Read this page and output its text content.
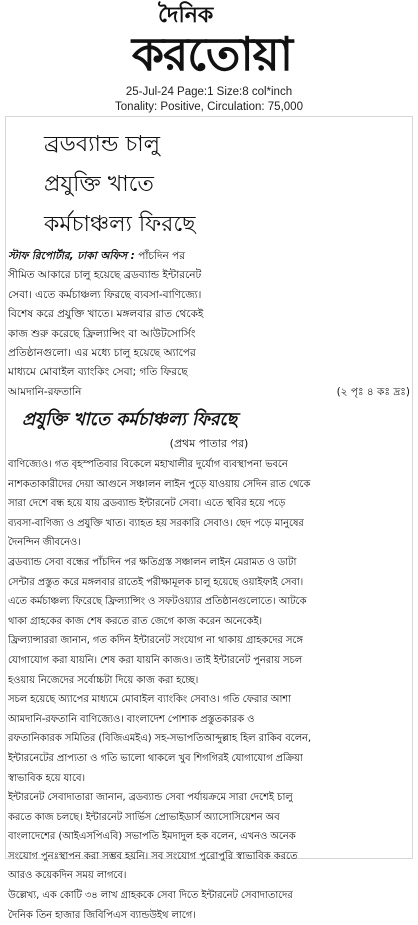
দৈনিক
করতোয়া
25-Jul-24 Page:1 Size:8 col*inch
Tonality: Positive, Circulation: 75,000
ব্রডব্যান্ড চালু
প্রযুক্তি খাতে
কর্মচাঞ্চল্য ফিরছে

স্টাফ রিপোর্টার, ঢাকা অফিস : পাঁচদিন পর

সীমিত আকারে চালু হয়েছে ব্রডব্যান্ড ইন্টারনেট

সেবা। এতে কর্মচাঞ্চল্য ফিরছে ব্যবসা-বাণিজ্যে।

বিশেষ করে প্রযুক্তি খাতে। মঙ্গলবার রাত থেকেই

কাজ শুরু করেছে ফ্রিল্যান্সিং বা আউটসোর্সিং

প্রতিষ্ঠানগুলো। এর মধ্যে চালু হয়েছে অ্যাপের

মাধ্যমে মোবাইল ব্যাংকিং সেবা; গতি ফিরছে

আমদানি-রফতানি	(২ পৃঃ ৪ কঃ দ্রঃ)

প্রযুক্তি খাতে কর্মচাঞ্চল্য ফিরছে
(প্রথম পাতার পর)

বাণিজ্যেও। গত বৃহস্পতিবার বিকেলে মহাখালীর দুর্যোগ ব্যবস্থাপনা ভবনে

নাশকতাকারীদের দেয়া আগুনে সঞ্চালন লাইন পুড়ে যাওয়ায় সেদিন রাত থেকে

সারা দেশে বন্ধ হয়ে যায় ব্রডব্যান্ড ইন্টারনেট সেবা। এতে স্থবির হয়ে পড়ে

ব্যবসা-বাণিজ্য ও প্রযুক্তি খাত। ব্যাহত হয় সরকারি সেবাও। ছেদ পড়ে মানুষের

দৈনন্দিন জীবনেও।

ব্রডব্যান্ড সেবা বন্ধের পাঁচদিন পর ক্ষতিগ্রস্ত সঞ্চালন লাইন মেরামত ও ডাটা

সেন্টার প্রস্তুত করে মঙ্গলবার রাতেই পরীক্ষামূলক চালু হয়েছে ওয়াইফাই সেবা।

এতে কর্মচাঞ্চল্য ফিরেছে ফ্রিল্যান্সিং ও সফটওয়্যার প্রতিষ্ঠানগুলোতে। আটকে

থাকা গ্রাহকের কাজ শেষ করতে রাত জেগে কাজ করেন অনেকেই।

ফ্রিল্যান্সাররা জানান, গত কদিন ইন্টারনেট সংযোগ না থাকায় গ্রাহকদের সঙ্গে

যোগাযোগ করা যায়নি। শেষ করা যায়নি কাজও। তাই ইন্টারনেট পুনরায় সচল

হওয়ায় নিজেদের সর্বোচ্চটা দিয়ে কাজ করা হচ্ছে।

সচল হয়েছে অ্যাপের মাধ্যমে মোবাইল ব্যাংকিং সেবাও। গতি ফেরার আশা

আমদানি-রফতানি বাণিজ্যেও। বাংলাদেশ পোশাক প্রস্তুতকারক ও

রফতানিকারক সমিতির (বিজিএমইএ) সহ-সভাপতিআব্দুল্লাহ হিল রাকিব বলেন,

ইন্টারনেটের প্রাপ্যতা ও গতি ভালো থাকলে খুব শিগগিরই যোগাযোগ প্রক্রিয়া

স্বাভাবিক হয়ে যাবে।

ইন্টারনেট সেবাদাতারা জানান, ব্রডব্যান্ড সেবা পর্যায়ক্রমে সারা দেশেই চালু

করতে কাজ চলছে। ইন্টারনেট সার্ভিস প্রোভাইডার্স অ্যাসোসিয়েশন অব

বাংলাদেশের (আইএসপিএবি) সভাপতি ইমদাদুল হক বলেন, এখনও অনেক

সংযোগ পুনঃস্থাপন করা সম্ভব হয়নি। সব সংযোগ পুরোপুরি স্বাভাবিক করতে

আরও কয়েকদিন সময় লাগবে।

উল্লেখ্য, এক কোটি ৩৪ লাখ গ্রাহককে সেবা দিতে ইন্টারনেট সেবাদাতাদের

দৈনিক তিন হাজার জিবিপিএস ব্যান্ডউইথ লাগে।
